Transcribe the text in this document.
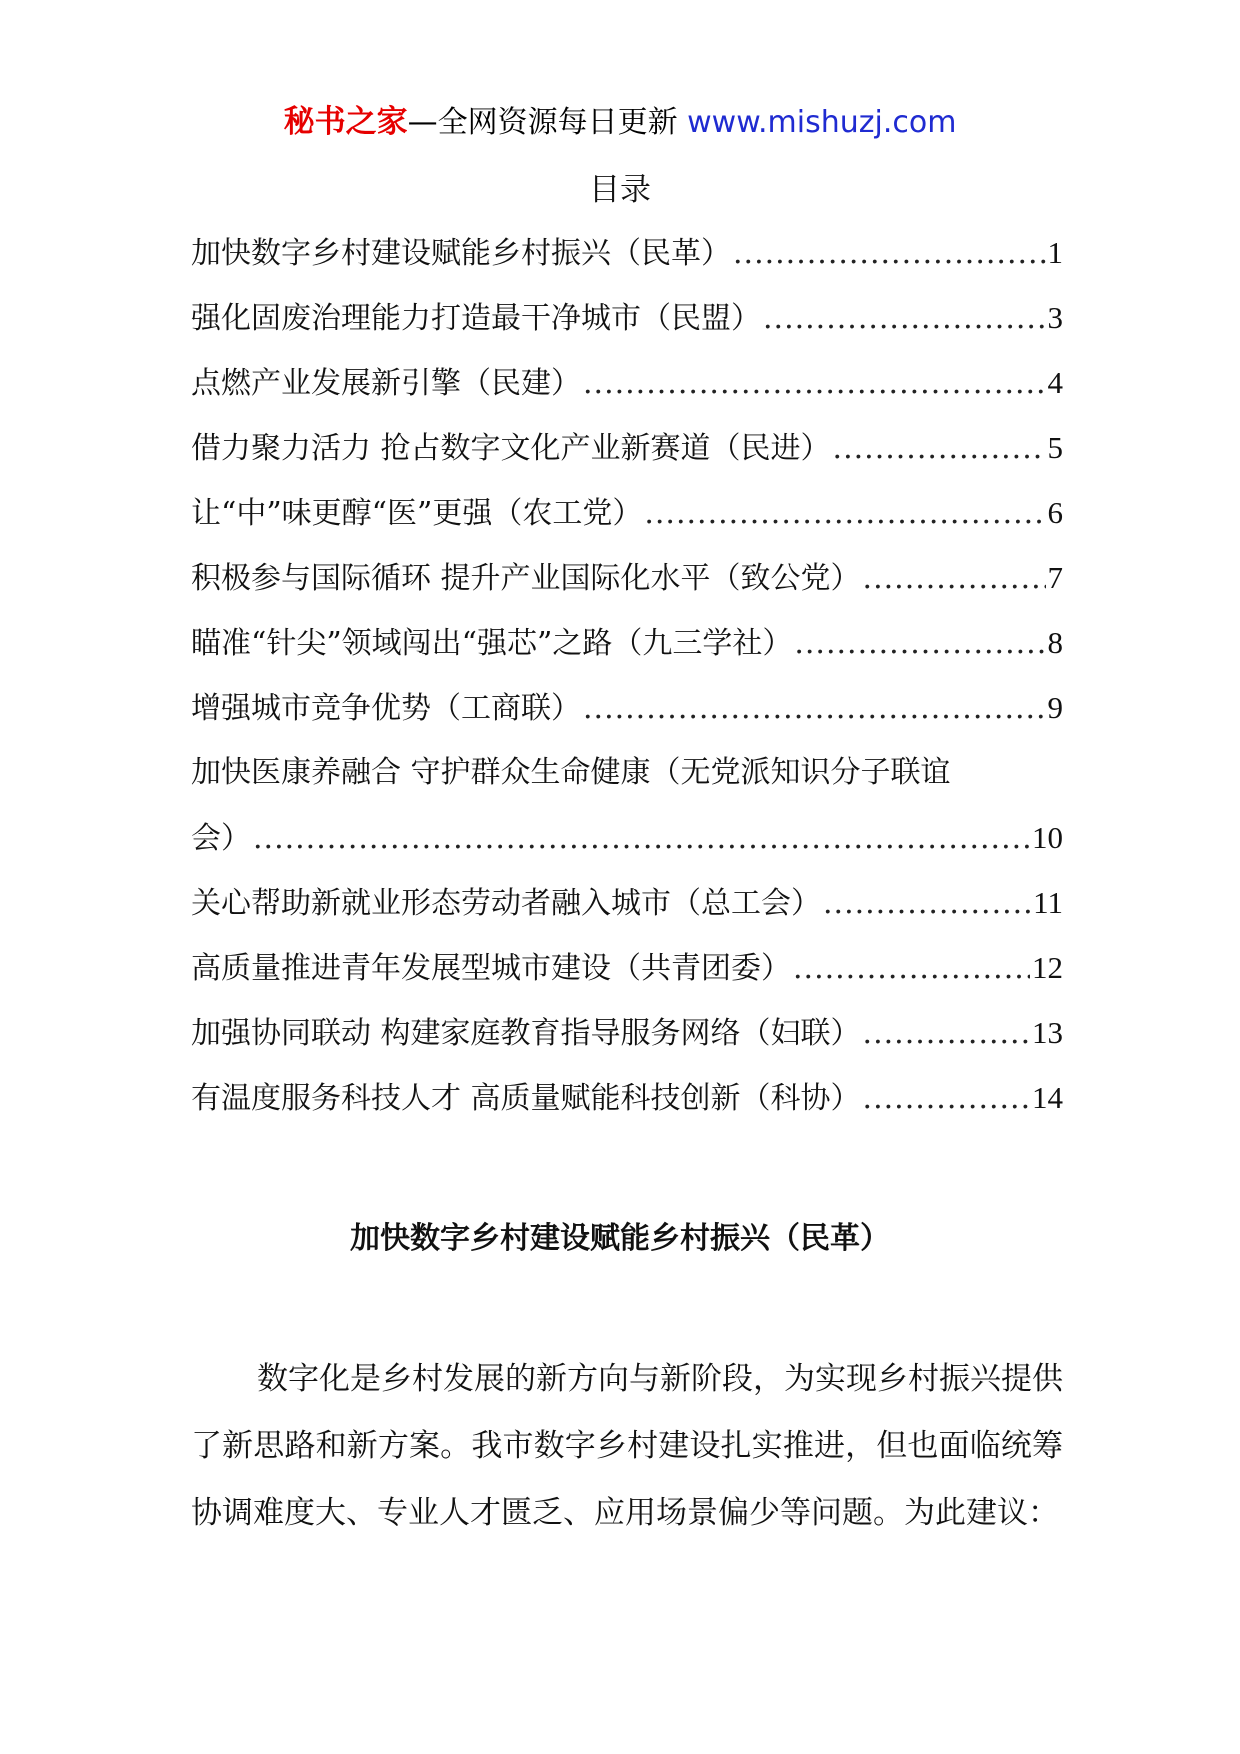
秘书之家—全网资源每日更新 www.mishuzj.com
目录
加快数字乡村建设赋能乡村振兴（民革） .....	1
强化固废治理能力打造最干净城市（民盟） .....	3
点燃产业发展新引擎（民建） .....	4
借力聚力活力 抢占数字文化产业新赛道（民进） .....	5
让“中”味更醇“医”更强（农工党） .....	6
积极参与国际循环 提升产业国际化水平（致公党） .....	7
瞄准“针尖”领域闯出“强芯”之路（九三学社） .....	8
增强城市竞争优势（工商联） .....	9
加快医康养融合 守护群众生命健康（无党派知识分子联谊
会） .....	10
关心帮助新就业形态劳动者融入城市（总工会） .....	11
高质量推进青年发展型城市建设（共青团委） .....	12
加强协同联动 构建家庭教育指导服务网络（妇联） .....	13
有温度服务科技人才 高质量赋能科技创新（科协） .....	14
加快数字乡村建设赋能乡村振兴（民革）

数字化是乡村发展的新方向与新阶段，为实现乡村振兴提供了新思路和新方案。我市数字乡村建设扎实推进，但也面临统筹协调难度大、专业人才匮乏、应用场景偏少等问题。为此建议：
